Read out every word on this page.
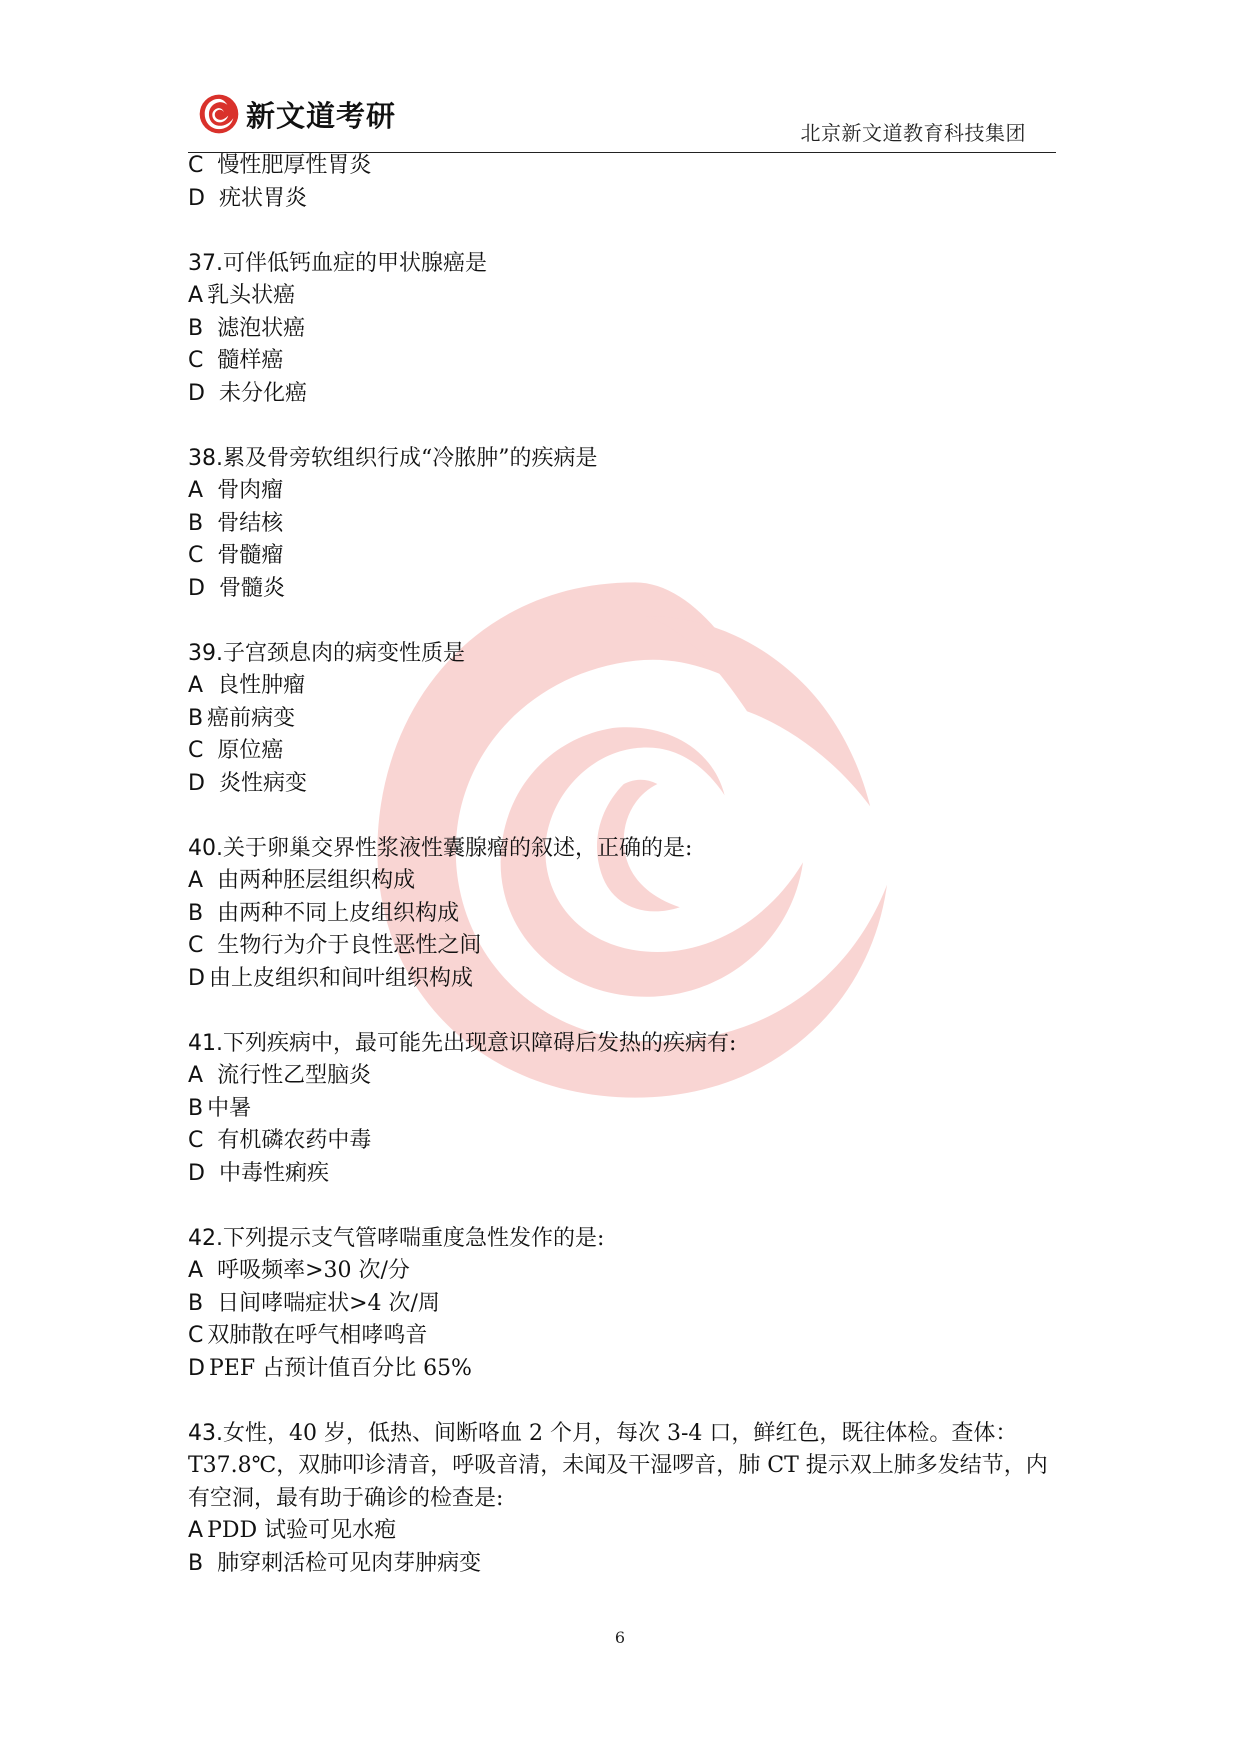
新文道考研
北京新文道教育科技集团
C 慢性肥厚性胃炎
D 疣状胃炎
37.可伴低钙血症的甲状腺癌是
A 乳头状癌
B 滤泡状癌
C 髓样癌
D 未分化癌
38.累及骨旁软组织行成“冷脓肿”的疾病是
A 骨肉瘤
B 骨结核
C 骨髓瘤
D 骨髓炎
39.子宫颈息肉的病变性质是
A 良性肿瘤
B 癌前病变
C 原位癌
D 炎性病变
40.关于卵巢交界性浆液性囊腺瘤的叙述，正确的是:
A 由两种胚层组织构成
B 由两种不同上皮组织构成
C 生物行为介于良性恶性之间
D 由上皮组织和间叶组织构成
41.下列疾病中，最可能先出现意识障碍后发热的疾病有:
A 流行性乙型脑炎
B 中暑
C 有机磷农药中毒
D 中毒性痢疾
42.下列提示支气管哮喘重度急性发作的是:
A 呼吸频率>30 次/分
B 日间哮喘症状>4 次/周
C 双肺散在呼气相哮鸣音
D PEF 占预计值百分比 65%
43.女性，40 岁，低热、间断咯血 2 个月，每次 3-4 口，鲜红色，既往体检。查体：T37.8℃，双肺叩诊清音，呼吸音清，未闻及干湿啰音，肺 CT 提示双上肺多发结节，内有空洞，最有助于确诊的检查是:
A PDD 试验可见水疱
B 肺穿刺活检可见肉芽肿病变
6
